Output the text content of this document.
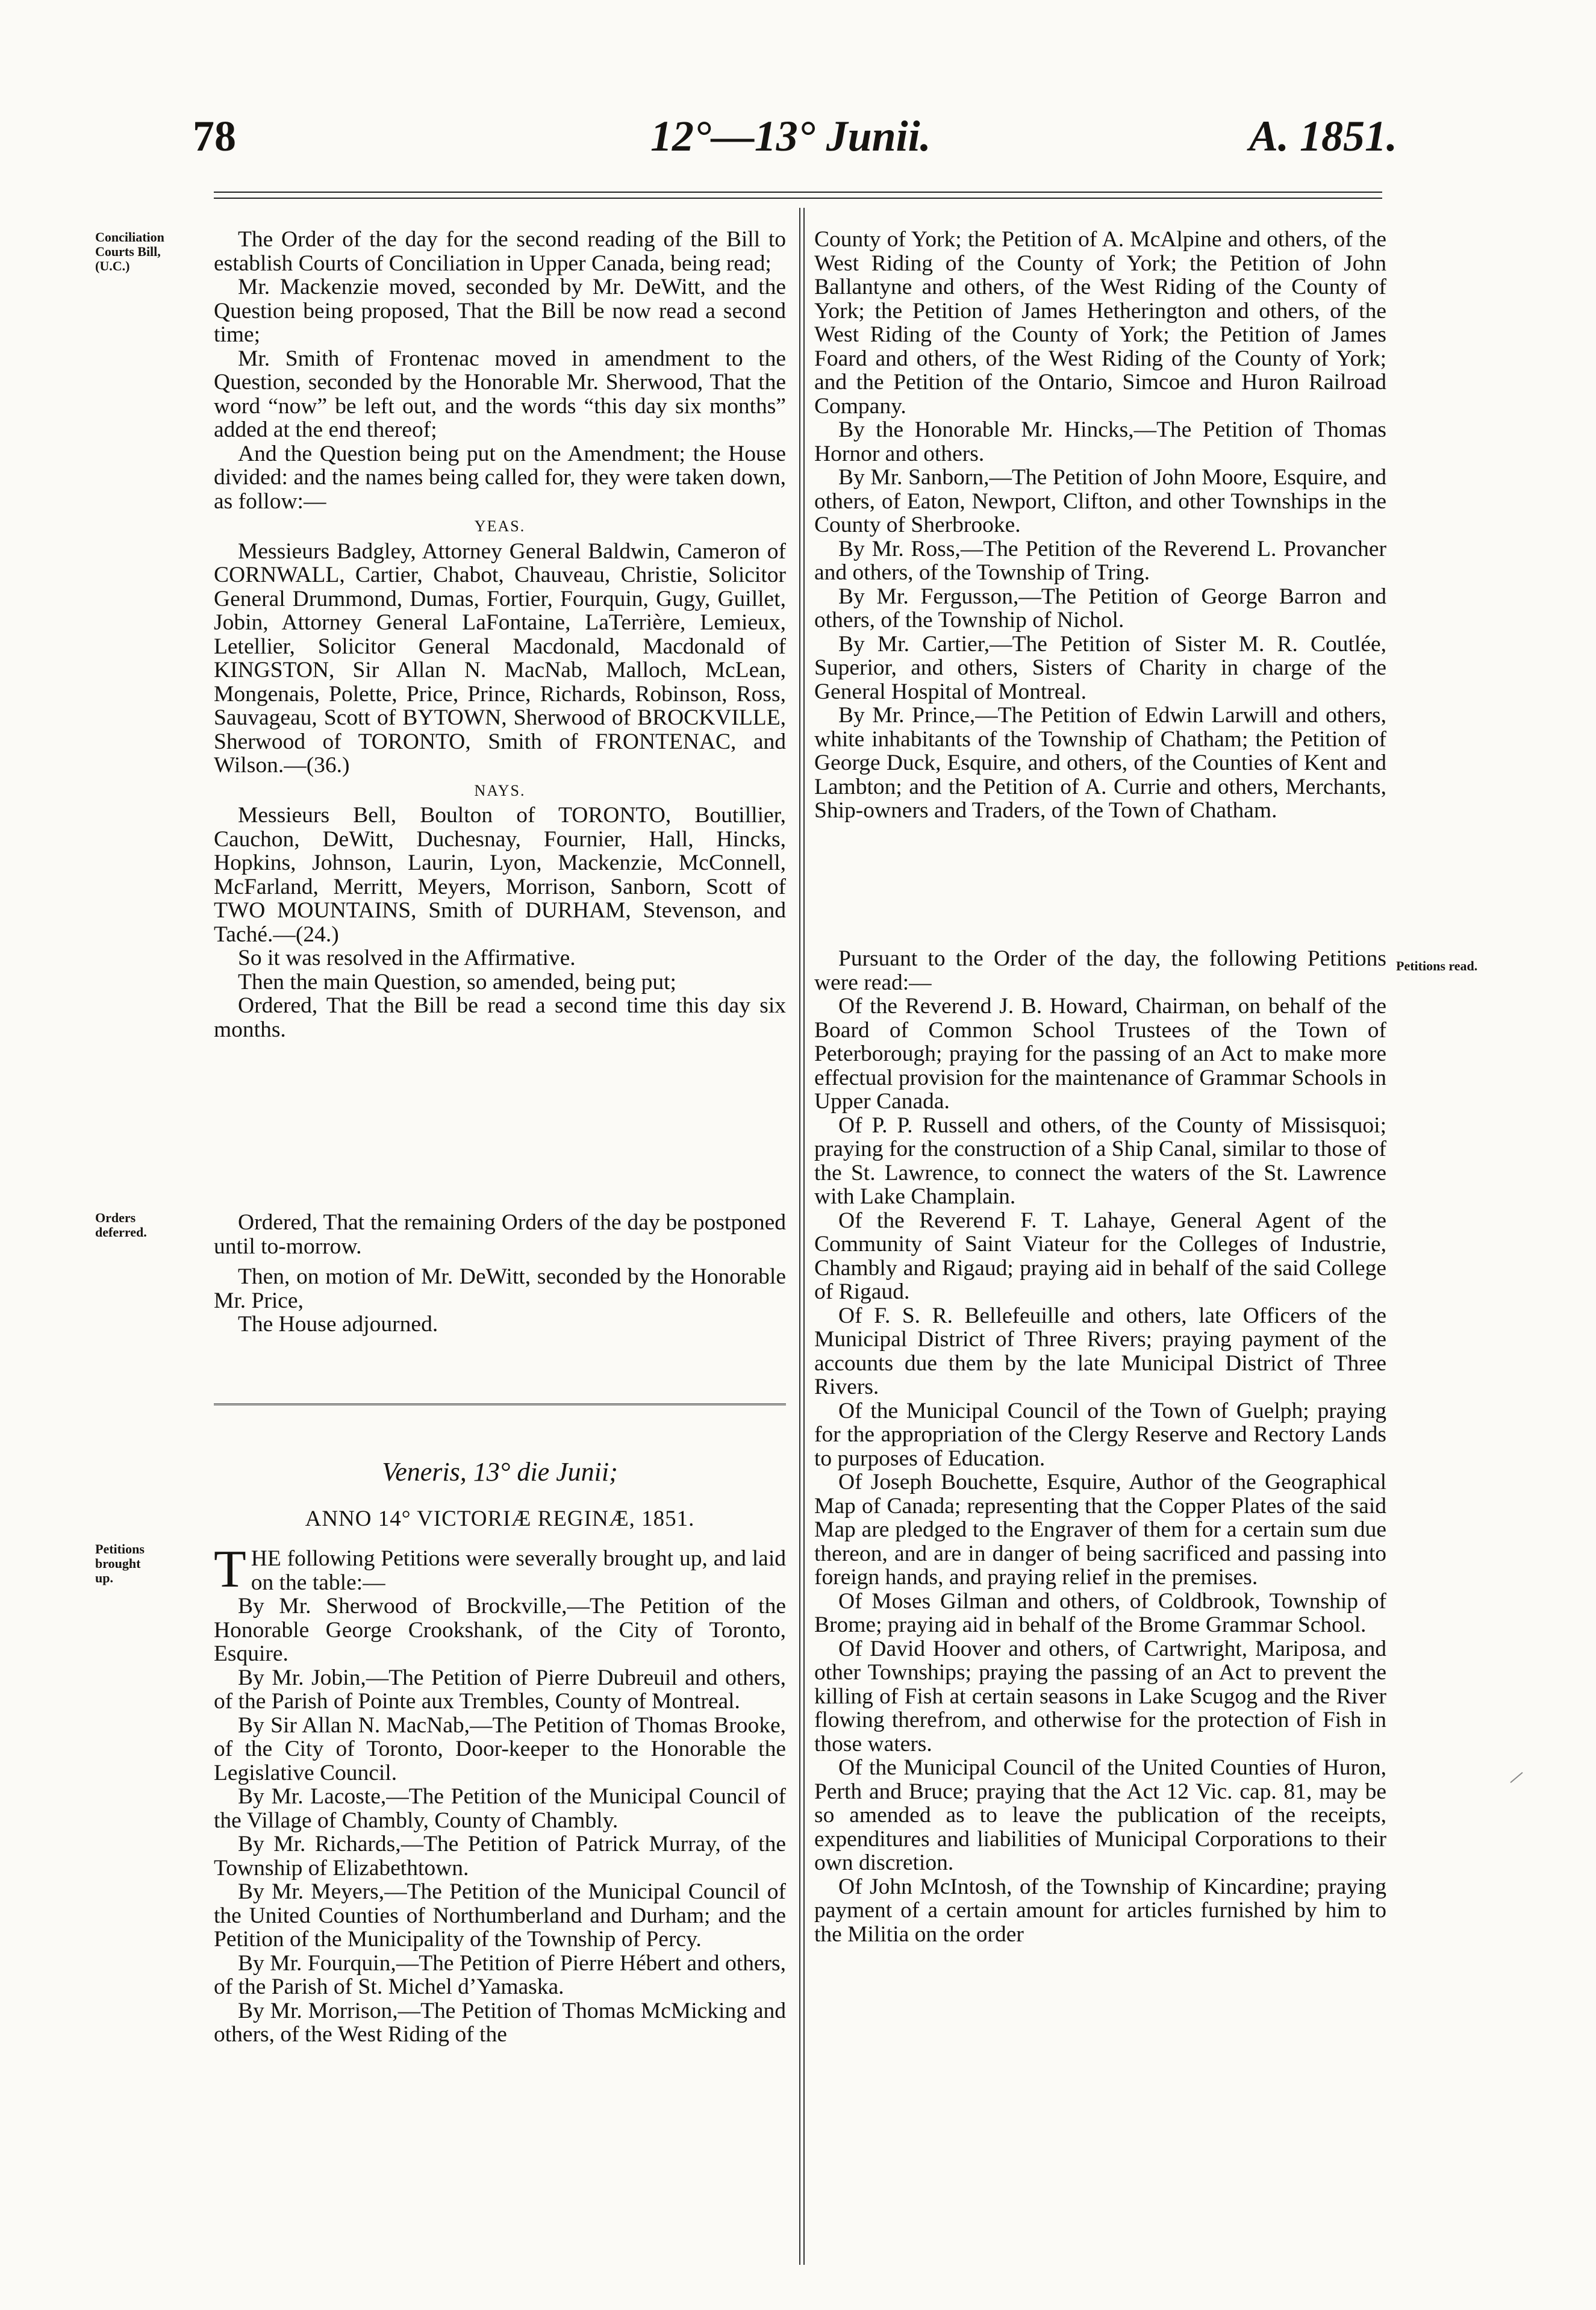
78	12°—13° Junii.	A. 1851.
Conciliation Courts Bill, (U.C.)
Orders deferred.
Petitions brought up.
Petitions read.

The Order of the day for the second reading of the Bill to establish Courts of Conciliation in Upper Canada, being read;

Mr. Mackenzie moved, seconded by Mr. DeWitt, and the Question being proposed, That the Bill be now read a second time;

Mr. Smith of Frontenac moved in amendment to the Question, seconded by the Honorable Mr. Sherwood, That the word “now” be left out, and the words “this day six months” added at the end thereof;

And the Question being put on the Amendment; the House divided: and the names being called for, they were taken down, as follow:—

YEAS.

Messieurs Badgley, Attorney General Baldwin, Cameron of CORNWALL, Cartier, Chabot, Chauveau, Christie, Solicitor General Drummond, Dumas, Fortier, Fourquin, Gugy, Guillet, Jobin, Attorney General LaFontaine, LaTerrière, Lemieux, Letellier, Solicitor General Macdonald, Macdonald of KINGSTON, Sir Allan N. MacNab, Malloch, McLean, Mongenais, Polette, Price, Prince, Richards, Robinson, Ross, Sauvageau, Scott of BYTOWN, Sherwood of BROCKVILLE, Sherwood of TORONTO, Smith of FRONTENAC, and Wilson.—(36.)

NAYS.

Messieurs Bell, Boulton of TORONTO, Boutillier, Cauchon, DeWitt, Duchesnay, Fournier, Hall, Hincks, Hopkins, Johnson, Laurin, Lyon, Mackenzie, McConnell, McFarland, Merritt, Meyers, Morrison, Sanborn, Scott of TWO MOUNTAINS, Smith of DURHAM, Stevenson, and Taché.—(24.)

So it was resolved in the Affirmative.

Then the main Question, so amended, being put;

Ordered, That the Bill be read a second time this day six months.

Ordered, That the remaining Orders of the day be postponed until to-morrow.

Then, on motion of Mr. DeWitt, seconded by the Honorable Mr. Price,

The House adjourned.

Veneris, 13° die Junii;
ANNO 14° VICTORIÆ REGINÆ, 1851.

THE following Petitions were severally brought up, and laid on the table:—

By Mr. Sherwood of Brockville,—The Petition of the Honorable George Crookshank, of the City of Toronto, Esquire.

By Mr. Jobin,—The Petition of Pierre Dubreuil and others, of the Parish of Pointe aux Trembles, County of Montreal.

By Sir Allan N. MacNab,—The Petition of Thomas Brooke, of the City of Toronto, Door-keeper to the Honorable the Legislative Council.

By Mr. Lacoste,—The Petition of the Municipal Council of the Village of Chambly, County of Chambly.

By Mr. Richards,—The Petition of Patrick Murray, of the Township of Elizabethtown.

By Mr. Meyers,—The Petition of the Municipal Council of the United Counties of Northumberland and Durham; and the Petition of the Municipality of the Township of Percy.

By Mr. Fourquin,—The Petition of Pierre Hébert and others, of the Parish of St. Michel d’Yamaska.

By Mr. Morrison,—The Petition of Thomas McMicking and others, of the West Riding of the

County of York; the Petition of A. McAlpine and others, of the West Riding of the County of York; the Petition of John Ballantyne and others, of the West Riding of the County of York; the Petition of James Hetherington and others, of the West Riding of the County of York; the Petition of James Foard and others, of the West Riding of the County of York; and the Petition of the Ontario, Simcoe and Huron Railroad Company.

By the Honorable Mr. Hincks,—The Petition of Thomas Hornor and others.

By Mr. Sanborn,—The Petition of John Moore, Esquire, and others, of Eaton, Newport, Clifton, and other Townships in the County of Sherbrooke.

By Mr. Ross,—The Petition of the Reverend L. Provancher and others, of the Township of Tring.

By Mr. Fergusson,—The Petition of George Barron and others, of the Township of Nichol.

By Mr. Cartier,—The Petition of Sister M. R. Coutlée, Superior, and others, Sisters of Charity in charge of the General Hospital of Montreal.

By Mr. Prince,—The Petition of Edwin Larwill and others, white inhabitants of the Township of Chatham; the Petition of George Duck, Esquire, and others, of the Counties of Kent and Lambton; and the Petition of A. Currie and others, Merchants, Ship-owners and Traders, of the Town of Chatham.

Pursuant to the Order of the day, the following Petitions were read:—

Of the Reverend J. B. Howard, Chairman, on behalf of the Board of Common School Trustees of the Town of Peterborough; praying for the passing of an Act to make more effectual provision for the maintenance of Grammar Schools in Upper Canada.

Of P. P. Russell and others, of the County of Missisquoi; praying for the construction of a Ship Canal, similar to those of the St. Lawrence, to connect the waters of the St. Lawrence with Lake Champlain.

Of the Reverend F. T. Lahaye, General Agent of the Community of Saint Viateur for the Colleges of Industrie, Chambly and Rigaud; praying aid in behalf of the said College of Rigaud.

Of F. S. R. Bellefeuille and others, late Officers of the Municipal District of Three Rivers; praying payment of the accounts due them by the late Municipal District of Three Rivers.

Of the Municipal Council of the Town of Guelph; praying for the appropriation of the Clergy Reserve and Rectory Lands to purposes of Education.

Of Joseph Bouchette, Esquire, Author of the Geographical Map of Canada; representing that the Copper Plates of the said Map are pledged to the Engraver of them for a certain sum due thereon, and are in danger of being sacrificed and passing into foreign hands, and praying relief in the premises.

Of Moses Gilman and others, of Coldbrook, Township of Brome; praying aid in behalf of the Brome Grammar School.

Of David Hoover and others, of Cartwright, Mariposa, and other Townships; praying the passing of an Act to prevent the killing of Fish at certain seasons in Lake Scugog and the River flowing therefrom, and otherwise for the protection of Fish in those waters.

Of the Municipal Council of the United Counties of Huron, Perth and Bruce; praying that the Act 12 Vic. cap. 81, may be so amended as to leave the publication of the receipts, expenditures and liabilities of Municipal Corporations to their own discretion.

Of John McIntosh, of the Township of Kincardine; praying payment of a certain amount for articles furnished by him to the Militia on the order
